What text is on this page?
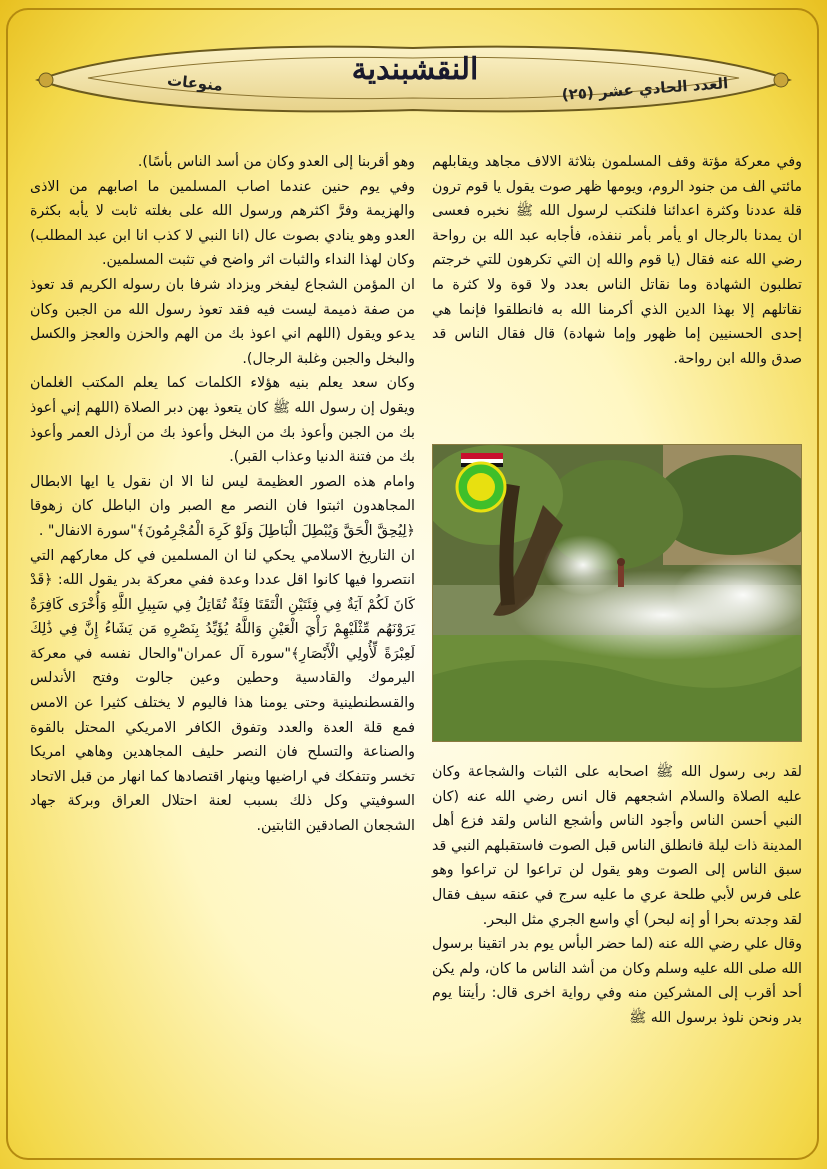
النقشبندية
العدد الحادي عشر (٢٥)
منوعات

وفي معركة مؤتة وقف المسلمون بثلاثة الالاف مجاهد ويقابلهم مائتي الف من جنود الروم، ويومها ظهر صوت يقول يا قوم ترون قلة عددنا وكثرة اعدائنا فلنكتب لرسول الله ﷺ نخبره فعسى ان يمدنا بالرجال او يأمر بأمر ننفذه، فأجابه عبد الله بن رواحة رضي الله عنه فقال (يا قوم والله إن التي تكرهون للتي خرجتم تطلبون الشهادة وما نقاتل الناس بعدد ولا قوة ولا كثرة ما نقاتلهم إلا بهذا الدين الذي أكرمنا الله به فانطلقوا فإنما هي إحدى الحسنيين إما ظهور وإما شهادة) قال فقال الناس قد صدق والله ابن رواحة.

لقد ربى رسول الله ﷺ اصحابه على الثبات والشجاعة وكان عليه الصلاة والسلام اشجعهم قال انس رضي الله عنه (كان النبي أحسن الناس وأجود الناس وأشجع الناس ولقد فزع أهل المدينة ذات ليلة فانطلق الناس قبل الصوت فاستقبلهم النبي قد سبق الناس إلى الصوت وهو يقول لن تراعوا لن تراعوا وهو على فرس لأبي طلحة عري ما عليه سرج في عنقه سيف فقال لقد وجدته بحرا أو إنه لبحر) أي واسع الجري مثل البحر.

وقال علي رضي الله عنه (لما حضر البأس يوم بدر اتقينا برسول الله صلى الله عليه وسلم وكان من أشد الناس ما كان، ولم يكن أحد أقرب إلى المشركين منه وفي رواية اخرى قال: رأيتنا يوم بدر ونحن نلوذ برسول الله ﷺ

وهو أقربنا إلى العدو وكان من أسد الناس بأسًا).

وفي يوم حنين عندما اصاب المسلمين ما اصابهم من الاذى والهزيمة وفرَّ اكثرهم ورسول الله على بغلته ثابت لا يأبه بكثرة العدو وهو ينادي بصوت عال (انا النبي لا كذب انا ابن عبد المطلب) وكان لهذا النداء والثبات اثر واضح في تثبت المسلمين.

ان المؤمن الشجاع ليفخر ويزداد شرفا بان رسوله الكريم قد تعوذ من صفة ذميمة ليست فيه فقد تعوذ رسول الله من الجبن وكان يدعو ويقول (اللهم اني اعوذ بك من الهم والحزن والعجز والكسل والبخل والجبن وغلبة الرجال).

وكان سعد يعلم بنيه هؤلاء الكلمات كما يعلم المكتب الغلمان ويقول إن رسول الله ﷺ كان يتعوذ بهن دبر الصلاة (اللهم إني أعوذ بك من الجبن وأعوذ بك من البخل وأعوذ بك من أرذل العمر وأعوذ بك من فتنة الدنيا وعذاب القبر).

وامام هذه الصور العظيمة ليس لنا الا ان نقول يا ايها الابطال المجاهدون اثبتوا فان النصر مع الصبر وان الباطل كان زهوقا ﴿لِيُحِقَّ الْحَقَّ وَيُبْطِلَ الْبَاطِلَ وَلَوْ كَرِهَ الْمُجْرِمُونَ﴾"سورة الانفال" .

ان التاريخ الاسلامي يحكي لنا ان المسلمين في كل معاركهم التي انتصروا فيها كانوا اقل عددا وعدة ففي معركة بدر يقول الله: ﴿قَدْ كَانَ لَكُمْ آيَةٌ فِي فِئَتَيْنِ الْتَقَتَا فِئَةٌ تُقَاتِلُ فِي سَبِيلِ اللَّهِ وَأُخْرَى كَافِرَةٌ يَرَوْنَهُم مِّثْلَيْهِمْ رَأْيَ الْعَيْنِ وَاللَّهُ يُؤَيِّدُ بِنَصْرِهِ مَن يَشَاءُ إِنَّ فِي ذَٰلِكَ لَعِبْرَةً لِّأُولِي الْأَبْصَارِ﴾"سورة آل عمران"والحال نفسه في معركة اليرموك والقادسية وحطين وعين جالوت وفتح الأندلس والقسطنطينية وحتى يومنا هذا فاليوم لا يختلف كثيرا عن الامس فمع قلة العدة والعدد وتفوق الكافر الامريكي المحتل بالقوة والصناعة والتسلح فان النصر حليف المجاهدين وهاهي امريكا تخسر وتتفكك في اراضيها وينهار اقتصادها كما انهار من قبل الاتحاد السوفيتي وكل ذلك بسبب لعنة احتلال العراق وبركة جهاد الشجعان الصادقين الثابتين.
